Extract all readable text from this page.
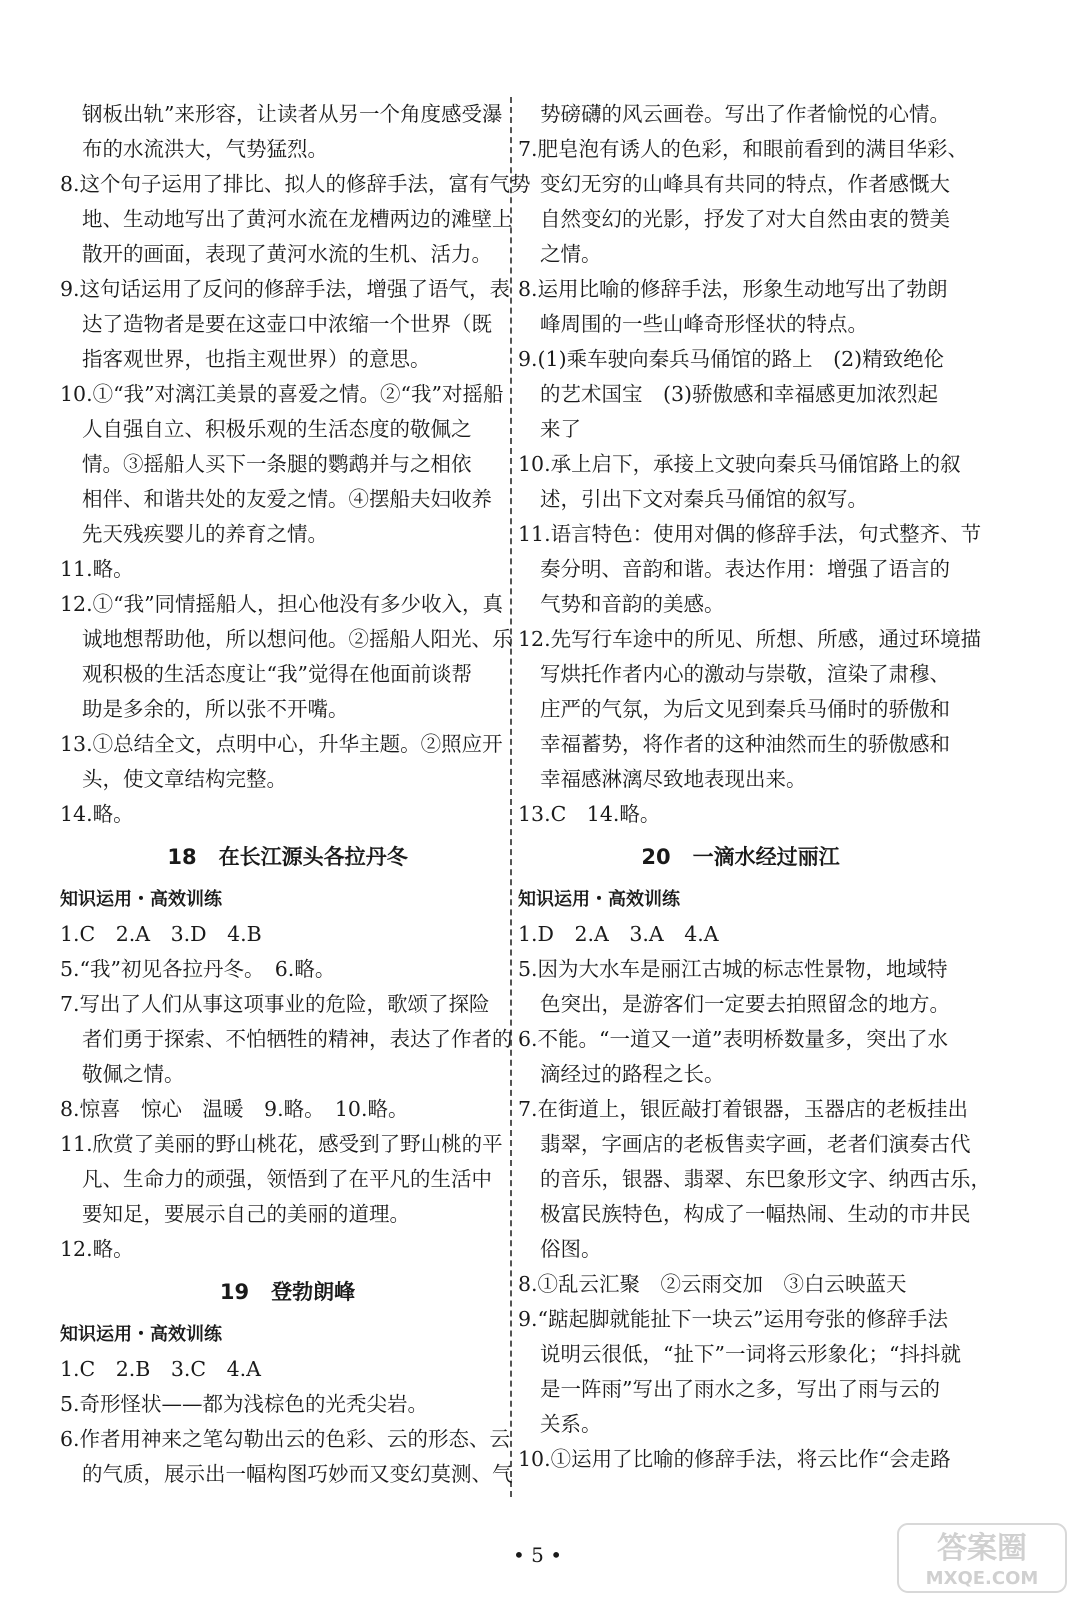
钢板出轨”来形容，让读者从另一个角度感受瀑
布的水流洪大，气势猛烈。
8.这个句子运用了排比、拟人的修辞手法，富有气势
地、生动地写出了黄河水流在龙槽两边的滩壁上
散开的画面，表现了黄河水流的生机、活力。
9.这句话运用了反问的修辞手法，增强了语气，表
达了造物者是要在这壶口中浓缩一个世界（既
指客观世界，也指主观世界）的意思。
10.①“我”对漓江美景的喜爱之情。②“我”对摇船
人自强自立、积极乐观的生活态度的敬佩之
情。③摇船人买下一条腿的鹦鹉并与之相依
相伴、和谐共处的友爱之情。④摆船夫妇收养
先天残疾婴儿的养育之情。
11.略。
12.①“我”同情摇船人，担心他没有多少收入，真
诚地想帮助他，所以想问他。②摇船人阳光、乐
观积极的生活态度让“我”觉得在他面前谈帮
助是多余的，所以张不开嘴。
13.①总结全文，点明中心，升华主题。②照应开
头，使文章结构完整。
14.略。
18 在长江源头各拉丹冬
知识运用・高效训练
1.C　2.A　3.D　4.B
5.“我”初见各拉丹冬。　6.略。
7.写出了人们从事这项事业的危险，歌颂了探险
者们勇于探索、不怕牺牲的精神，表达了作者的
敬佩之情。
8.惊喜　惊心　温暖　9.略。　10.略。
11.欣赏了美丽的野山桃花，感受到了野山桃的平
凡、生命力的顽强，领悟到了在平凡的生活中
要知足，要展示自己的美丽的道理。
12.略。
19 登勃朗峰
知识运用・高效训练
1.C　2.B　3.C　4.A
5.奇形怪状——都为浅棕色的光秃尖岩。
6.作者用神来之笔勾勒出云的色彩、云的形态、云
的气质，展示出一幅构图巧妙而又变幻莫测、气
势磅礴的风云画卷。写出了作者愉悦的心情。
7.肥皂泡有诱人的色彩，和眼前看到的满目华彩、
变幻无穷的山峰具有共同的特点，作者感慨大
自然变幻的光影，抒发了对大自然由衷的赞美
之情。
8.运用比喻的修辞手法，形象生动地写出了勃朗
峰周围的一些山峰奇形怪状的特点。
9.(1)乘车驶向秦兵马俑馆的路上　(2)精致绝伦
的艺术国宝　(3)骄傲感和幸福感更加浓烈起
来了
10.承上启下，承接上文驶向秦兵马俑馆路上的叙
述，引出下文对秦兵马俑馆的叙写。
11.语言特色：使用对偶的修辞手法，句式整齐、节
奏分明、音韵和谐。表达作用：增强了语言的
气势和音韵的美感。
12.先写行车途中的所见、所想、所感，通过环境描
写烘托作者内心的激动与崇敬，渲染了肃穆、
庄严的气氛，为后文见到秦兵马俑时的骄傲和
幸福蓄势，将作者的这种油然而生的骄傲感和
幸福感淋漓尽致地表现出来。
13.C　14.略。
20 一滴水经过丽江
知识运用・高效训练
1.D　2.A　3.A　4.A
5.因为大水车是丽江古城的标志性景物，地域特
色突出，是游客们一定要去拍照留念的地方。
6.不能。“一道又一道”表明桥数量多，突出了水
滴经过的路程之长。
7.在街道上，银匠敲打着银器，玉器店的老板挂出
翡翠，字画店的老板售卖字画，老者们演奏古代
的音乐，银器、翡翠、东巴象形文字、纳西古乐，
极富民族特色，构成了一幅热闹、生动的市井民
俗图。
8.①乱云汇聚　②云雨交加　③白云映蓝天
9.“踮起脚就能扯下一块云”运用夸张的修辞手法
说明云很低，“扯下”一词将云形象化；“抖抖就
是一阵雨”写出了雨水之多，写出了雨与云的
关系。
10.①运用了比喻的修辞手法，将云比作“会走路
• 5 •	答案圈
MXQE.COM
